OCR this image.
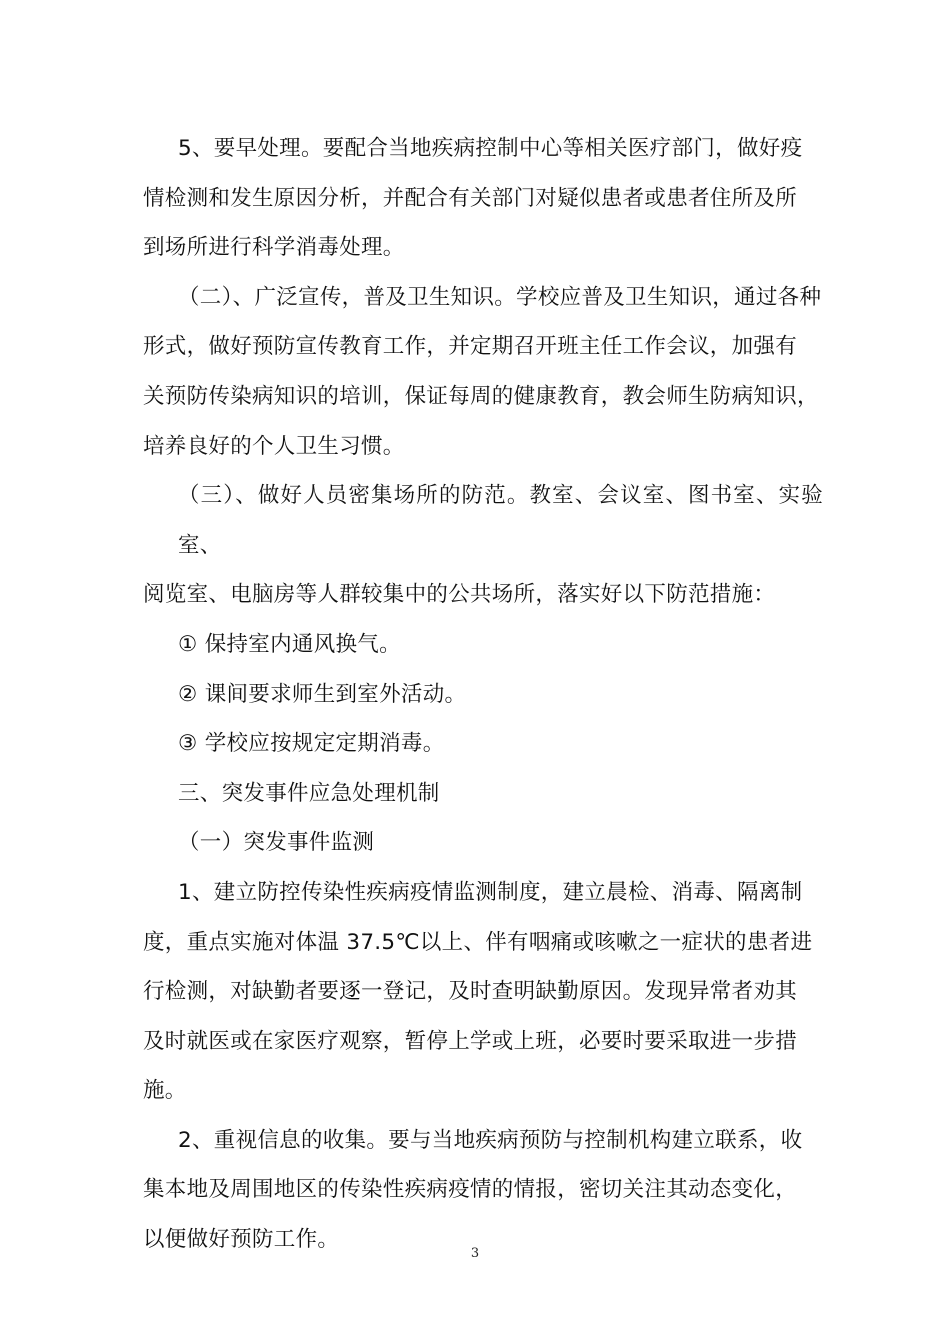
5、要早处理。要配合当地疾病控制中心等相关医疗部门，做好疫
情检测和发生原因分析，并配合有关部门对疑似患者或患者住所及所
到场所进行科学消毒处理。
（二）、广泛宣传，普及卫生知识。学校应普及卫生知识，通过各种
形式，做好预防宣传教育工作，并定期召开班主任工作会议，加强有
关预防传染病知识的培训，保证每周的健康教育，教会师生防病知识，
培养良好的个人卫生习惯。
（三）、做好人员密集场所的防范。教室、会议室、图书室、实验室、
阅览室、电脑房等人群较集中的公共场所，落实好以下防范措施：
① 保持室内通风换气。
② 课间要求师生到室外活动。
③ 学校应按规定定期消毒。
三、突发事件应急处理机制
（一）突发事件监测
1、建立防控传染性疾病疫情监测制度，建立晨检、消毒、隔离制
度，重点实施对体温 37.5℃以上、伴有咽痛或咳嗽之一症状的患者进
行检测，对缺勤者要逐一登记，及时查明缺勤原因。发现异常者劝其
及时就医或在家医疗观察，暂停上学或上班，必要时要采取进一步措
施。
2、重视信息的收集。要与当地疾病预防与控制机构建立联系，收
集本地及周围地区的传染性疾病疫情的情报，密切关注其动态变化，
以便做好预防工作。
3
